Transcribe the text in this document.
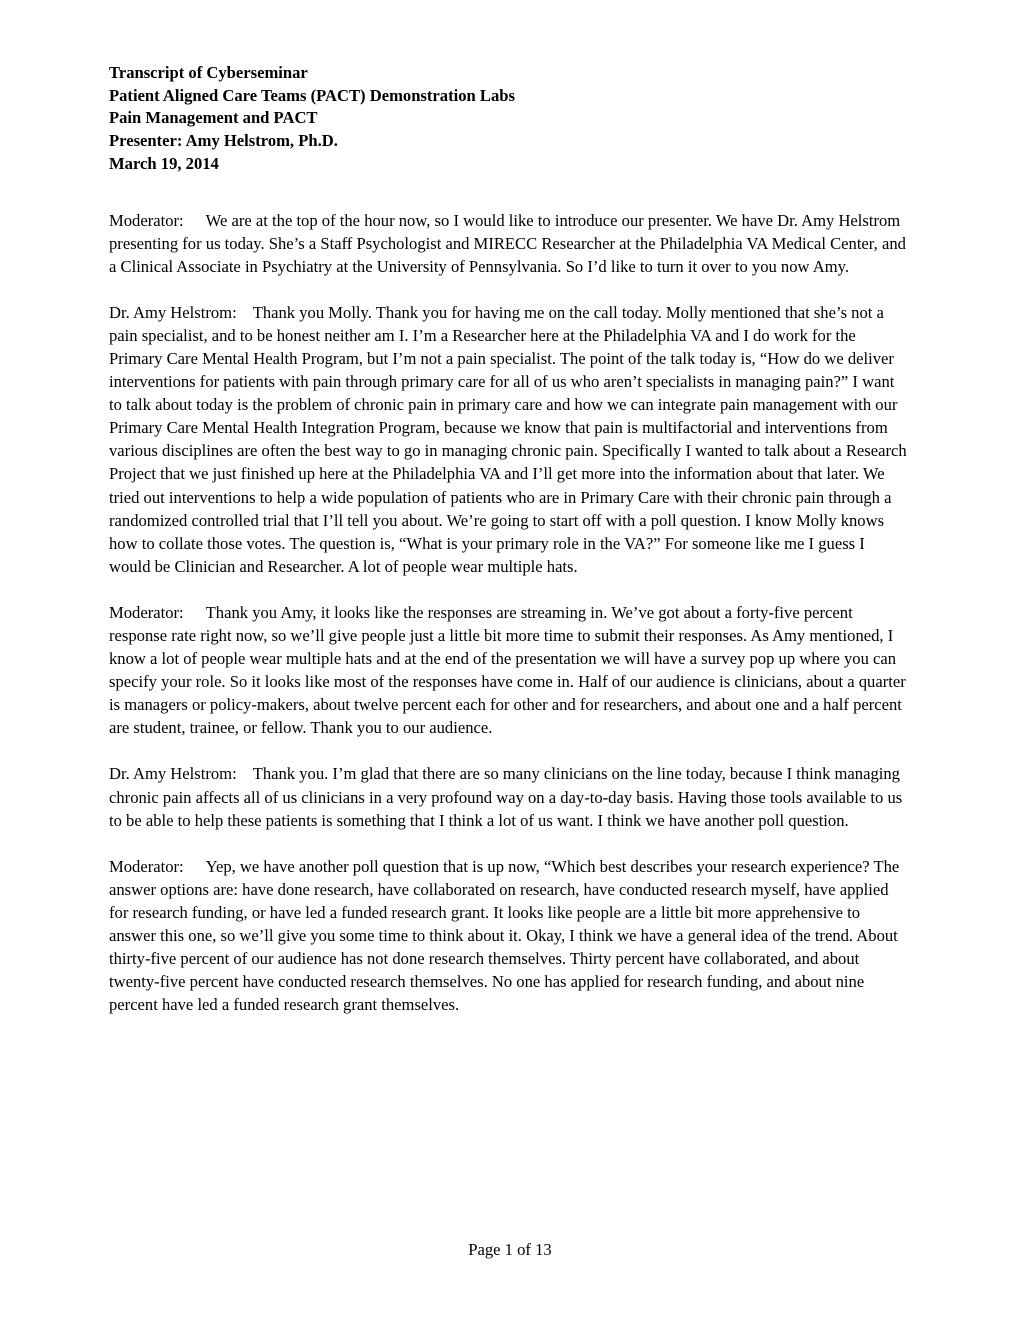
Transcript of Cyberseminar

Patient Aligned Care Teams (PACT) Demonstration Labs

Pain Management and PACT

Presenter: Amy Helstrom, Ph.D.

March 19, 2014

Moderator: We are at the top of the hour now, so I would like to introduce our presenter. We have Dr. Amy Helstrom presenting for us today. She’s a Staff Psychologist and MIRECC Researcher at the Philadelphia VA Medical Center, and a Clinical Associate in Psychiatry at the University of Pennsylvania. So I’d like to turn it over to you now Amy.

Dr. Amy Helstrom: Thank you Molly. Thank you for having me on the call today. Molly mentioned that she’s not a pain specialist, and to be honest neither am I. I’m a Researcher here at the Philadelphia VA and I do work for the Primary Care Mental Health Program, but I’m not a pain specialist. The point of the talk today is, “How do we deliver interventions for patients with pain through primary care for all of us who aren’t specialists in managing pain?” I want to talk about today is the problem of chronic pain in primary care and how we can integrate pain management with our Primary Care Mental Health Integration Program, because we know that pain is multifactorial and interventions from various disciplines are often the best way to go in managing chronic pain. Specifically I wanted to talk about a Research Project that we just finished up here at the Philadelphia VA and I’ll get more into the information about that later. We tried out interventions to help a wide population of patients who are in Primary Care with their chronic pain through a randomized controlled trial that I’ll tell you about. We’re going to start off with a poll question. I know Molly knows how to collate those votes. The question is, “What is your primary role in the VA?” For someone like me I guess I would be Clinician and Researcher. A lot of people wear multiple hats.

Moderator: Thank you Amy, it looks like the responses are streaming in. We’ve got about a forty-five percent response rate right now, so we’ll give people just a little bit more time to submit their responses. As Amy mentioned, I know a lot of people wear multiple hats and at the end of the presentation we will have a survey pop up where you can specify your role. So it looks like most of the responses have come in. Half of our audience is clinicians, about a quarter is managers or policy-makers, about twelve percent each for other and for researchers, and about one and a half percent are student, trainee, or fellow. Thank you to our audience.

Dr. Amy Helstrom: Thank you. I’m glad that there are so many clinicians on the line today, because I think managing chronic pain affects all of us clinicians in a very profound way on a day-to-day basis. Having those tools available to us to be able to help these patients is something that I think a lot of us want. I think we have another poll question.

Moderator: Yep, we have another poll question that is up now, “Which best describes your research experience? The answer options are: have done research, have collaborated on research, have conducted research myself, have applied for research funding, or have led a funded research grant. It looks like people are a little bit more apprehensive to answer this one, so we’ll give you some time to think about it. Okay, I think we have a general idea of the trend. About thirty-five percent of our audience has not done research themselves. Thirty percent have collaborated, and about twenty-five percent have conducted research themselves. No one has applied for research funding, and about nine percent have led a funded research grant themselves.

Page 1 of 13
